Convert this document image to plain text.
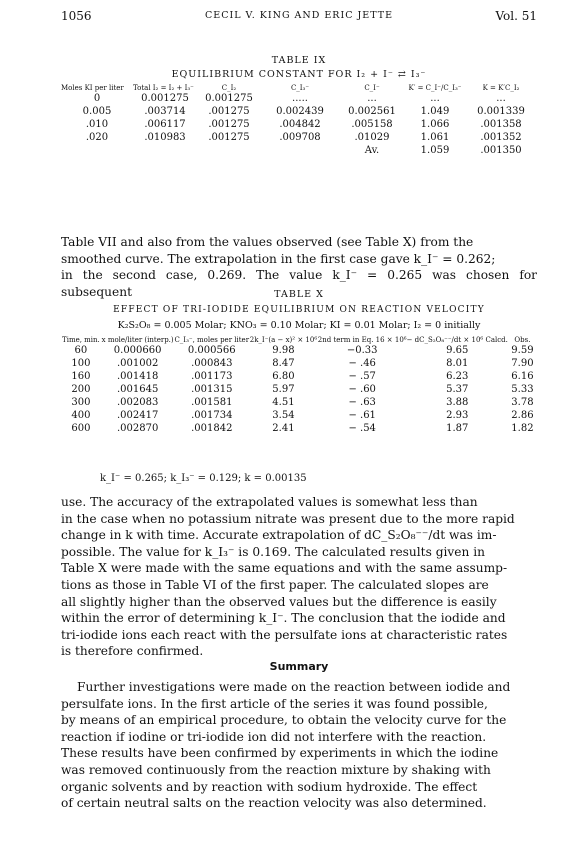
1056	CECIL V. KING AND ERIC JETTE	Vol. 51
TABLE IX
EQUILIBRIUM CONSTANT FOR I₂ + I⁻ ⇄ I₃⁻
Moles KI per liter	Total I₂ = I₂ + I₃⁻	C_I₂	C_I₃⁻	C_I⁻	K′ = C_I⁻/C_I₃⁻	K = K′C_I₂
0	0.001275	0.001275	.....	...	...	...
0.005	.003714	.001275	0.002439	0.002561	1.049	0.001339
.010	.006117	.001275	.004842	.005158	1.066	.001358
.020	.010983	.001275	.009708	.01029	1.061	.001352
				Av.	1.059	.001350

Table VII and also from the values observed (see Table X) from the

smoothed curve. The extrapolation in the first case gave k_I⁻ = 0.262;

in the second case, 0.269. The value k_I⁻ = 0.265 was chosen for subsequent	TABLE X
EFFECT OF TRI-IODIDE EQUILIBRIUM ON REACTION VELOCITY
K₂S₂O₈ = 0.005 Molar; KNO₃ = 0.10 Molar; KI = 0.01 Molar; I₂ = 0 initially
Time, min.	x mole/liter (interp.)	C_I₃⁻, moles per liter	2k_I⁻(a − x)² × 10⁶	2nd term in Eq. 16 × 10⁶	− dC_S₂O₈⁻⁻/dt × 10⁶ Calcd.	Obs.
60	0.000660	0.000566	9.98	−0.33	9.65	9.59
100	.001002	.000843	8.47	− .46	8.01	7.90
160	.001418	.001173	6.80	− .57	6.23	6.16
200	.001645	.001315	5.97	− .60	5.37	5.33
300	.002083	.001581	4.51	− .63	3.88	3.78
400	.002417	.001734	3.54	− .61	2.93	2.86
600	.002870	.001842	2.41	− .54	1.87	1.82
k_I⁻ = 0.265; k_I₃⁻ = 0.129; k = 0.00135

use. The accuracy of the extrapolated values is somewhat less than

in the case when no potassium nitrate was present due to the more rapid

change in k with time. Accurate extrapolation of dC_S₂O₈⁻⁻/dt was im-

possible. The value for k_I₃⁻ is 0.169. The calculated results given in

Table X were made with the same equations and with the same assump-

tions as those in Table VI of the first paper. The calculated slopes are

all slightly higher than the observed values but the difference is easily

within the error of determining k_I⁻. The conclusion that the iodide and

tri-iodide ions each react with the persulfate ions at characteristic rates

is therefore confirmed.

Summary

Further investigations were made on the reaction between iodide and

persulfate ions. In the first article of the series it was found possible,

by means of an empirical procedure, to obtain the velocity curve for the

reaction if iodine or tri-iodide ion did not interfere with the reaction.

These results have been confirmed by experiments in which the iodine

was removed continuously from the reaction mixture by shaking with

organic solvents and by reaction with sodium hydroxide. The effect

of certain neutral salts on the reaction velocity was also determined.
